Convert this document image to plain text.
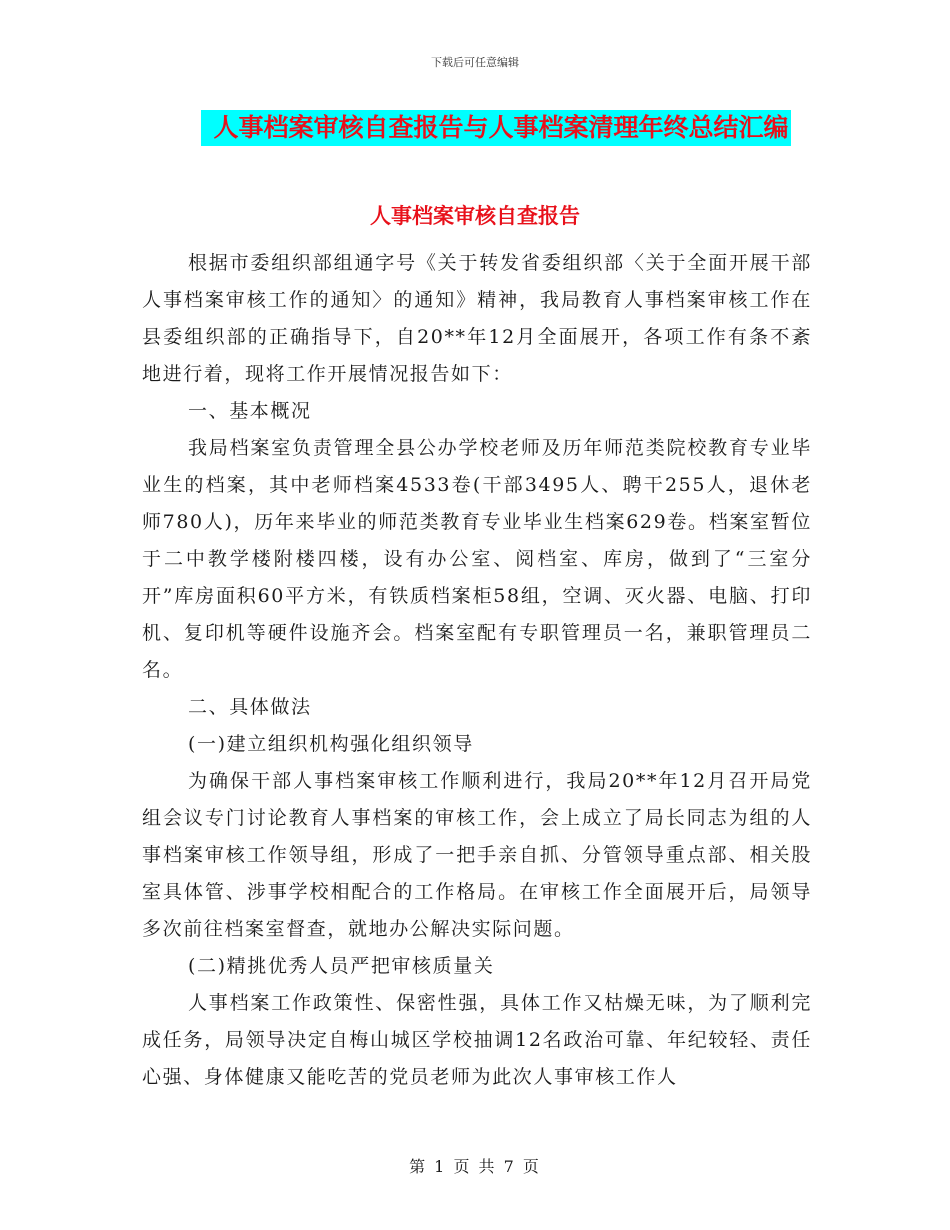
下载后可任意编辑
人事档案审核自查报告与人事档案清理年终总结汇编
人事档案审核自查报告

根据市委组织部组通字号《关于转发省委组织部〈关于全面开展干部人事档案审核工作的通知〉的通知》精神，我局教育人事档案审核工作在县委组织部的正确指导下，自20**年12月全面展开，各项工作有条不紊地进行着，现将工作开展情况报告如下：

一、基本概况

我局档案室负责管理全县公办学校老师及历年师范类院校教育专业毕业生的档案，其中老师档案4533卷(干部3495人、聘干255人，退休老师780人)，历年来毕业的师范类教育专业毕业生档案629卷。档案室暂位于二中教学楼附楼四楼，设有办公室、阅档室、库房，做到了“三室分开”库房面积60平方米，有铁质档案柜58组，空调、灭火器、电脑、打印机、复印机等硬件设施齐会。档案室配有专职管理员一名，兼职管理员二名。

二、具体做法

(一)建立组织机构强化组织领导

为确保干部人事档案审核工作顺利进行，我局20**年12月召开局党组会议专门讨论教育人事档案的审核工作，会上成立了局长同志为组的人事档案审核工作领导组，形成了一把手亲自抓、分管领导重点部、相关股室具体管、涉事学校相配合的工作格局。在审核工作全面展开后，局领导多次前往档案室督查，就地办公解决实际问题。

(二)精挑优秀人员严把审核质量关

人事档案工作政策性、保密性强，具体工作又枯燥无味，为了顺利完成任务，局领导决定自梅山城区学校抽调12名政治可靠、年纪较轻、责任心强、身体健康又能吃苦的党员老师为此次人事审核工作人

第 1 页 共 7 页
